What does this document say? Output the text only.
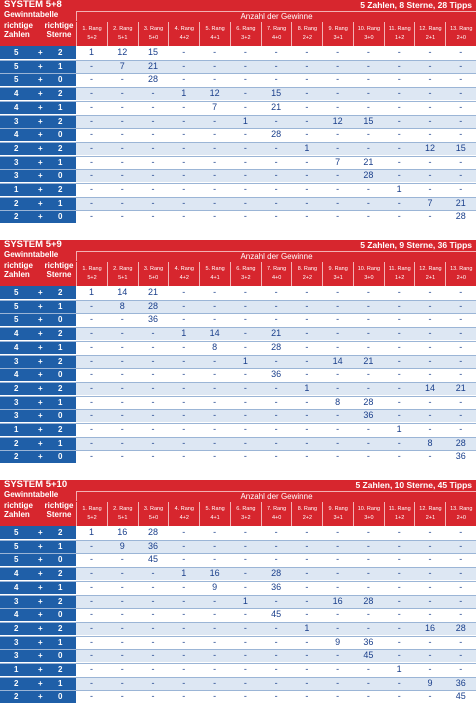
SYSTEM 5+8	5 Zahlen, 8 Sterne, 28 Tipps
Gewinntabelle
richtige
Zahlen
richtige
Sterne
Anzahl der Gewinne
1. Rang
5+2
2. Rang
5+1
3. Rang
5+0
4. Rang
4+2
5. Rang
4+1
6. Rang
3+2
7. Rang
4+0
8. Rang
2+2
9. Rang
3+1
10. Rang
3+0
11. Rang
1+2
12. Rang
2+1
13. Rang
2+0
5 + 2	1	12	15	-	-	-	-	-	-	-	-	-	-
5 + 1	-	7	21	-	-	-	-	-	-	-	-	-	-
5 + 0	-	-	28	-	-	-	-	-	-	-	-	-	-
4 + 2	-	-	-	1	12	-	15	-	-	-	-	-	-
4 + 1	-	-	-	-	7	-	21	-	-	-	-	-	-
3 + 2	-	-	-	-	-	1	-	-	12	15	-	-	-
4 + 0	-	-	-	-	-	-	28	-	-	-	-	-	-
2 + 2	-	-	-	-	-	-	-	1	-	-	-	12	15
3 + 1	-	-	-	-	-	-	-	-	7	21	-	-	-
3 + 0	-	-	-	-	-	-	-	-	-	28	-	-	-
1 + 2	-	-	-	-	-	-	-	-	-	-	1	-	-
2 + 1	-	-	-	-	-	-	-	-	-	-	-	7	21
2 + 0	-	-	-	-	-	-	-	-	-	-	-	-	28
SYSTEM 5+9	5 Zahlen, 9 Sterne, 36 Tipps
Gewinntabelle
richtige
Zahlen
richtige
Sterne
Anzahl der Gewinne
1. Rang
5+2
2. Rang
5+1
3. Rang
5+0
4. Rang
4+2
5. Rang
4+1
6. Rang
3+2
7. Rang
4+0
8. Rang
2+2
9. Rang
3+1
10. Rang
3+0
11. Rang
1+2
12. Rang
2+1
13. Rang
2+0
5 + 2	1	14	21	-	-	-	-	-	-	-	-	-	-
5 + 1	-	8	28	-	-	-	-	-	-	-	-	-	-
5 + 0	-	-	36	-	-	-	-	-	-	-	-	-	-
4 + 2	-	-	-	1	14	-	21	-	-	-	-	-	-
4 + 1	-	-	-	-	8	-	28	-	-	-	-	-	-
3 + 2	-	-	-	-	-	1	-	-	14	21	-	-	-
4 + 0	-	-	-	-	-	-	36	-	-	-	-	-	-
2 + 2	-	-	-	-	-	-	-	1	-	-	-	14	21
3 + 1	-	-	-	-	-	-	-	-	8	28	-	-	-
3 + 0	-	-	-	-	-	-	-	-	-	36	-	-	-
1 + 2	-	-	-	-	-	-	-	-	-	-	1	-	-
2 + 1	-	-	-	-	-	-	-	-	-	-	-	8	28
2 + 0	-	-	-	-	-	-	-	-	-	-	-	-	36
SYSTEM 5+10	5 Zahlen, 10 Sterne, 45 Tipps
Gewinntabelle
richtige
Zahlen
richtige
Sterne
Anzahl der Gewinne
1. Rang
5+2
2. Rang
5+1
3. Rang
5+0
4. Rang
4+2
5. Rang
4+1
6. Rang
3+2
7. Rang
4+0
8. Rang
2+2
9. Rang
3+1
10. Rang
3+0
11. Rang
1+2
12. Rang
2+1
13. Rang
2+0
5 + 2	1	16	28	-	-	-	-	-	-	-	-	-	-
5 + 1	-	9	36	-	-	-	-	-	-	-	-	-	-
5 + 0	-	-	45	-	-	-	-	-	-	-	-	-	-
4 + 2	-	-	-	1	16	-	28	-	-	-	-	-	-
4 + 1	-	-	-	-	9	-	36	-	-	-	-	-	-
3 + 2	-	-	-	-	-	1	-	-	16	28	-	-	-
4 + 0	-	-	-	-	-	-	45	-	-	-	-	-	-
2 + 2	-	-	-	-	-	-	-	1	-	-	-	16	28
3 + 1	-	-	-	-	-	-	-	-	9	36	-	-	-
3 + 0	-	-	-	-	-	-	-	-	-	45	-	-	-
1 + 2	-	-	-	-	-	-	-	-	-	-	1	-	-
2 + 1	-	-	-	-	-	-	-	-	-	-	-	9	36
2 + 0	-	-	-	-	-	-	-	-	-	-	-	-	45
